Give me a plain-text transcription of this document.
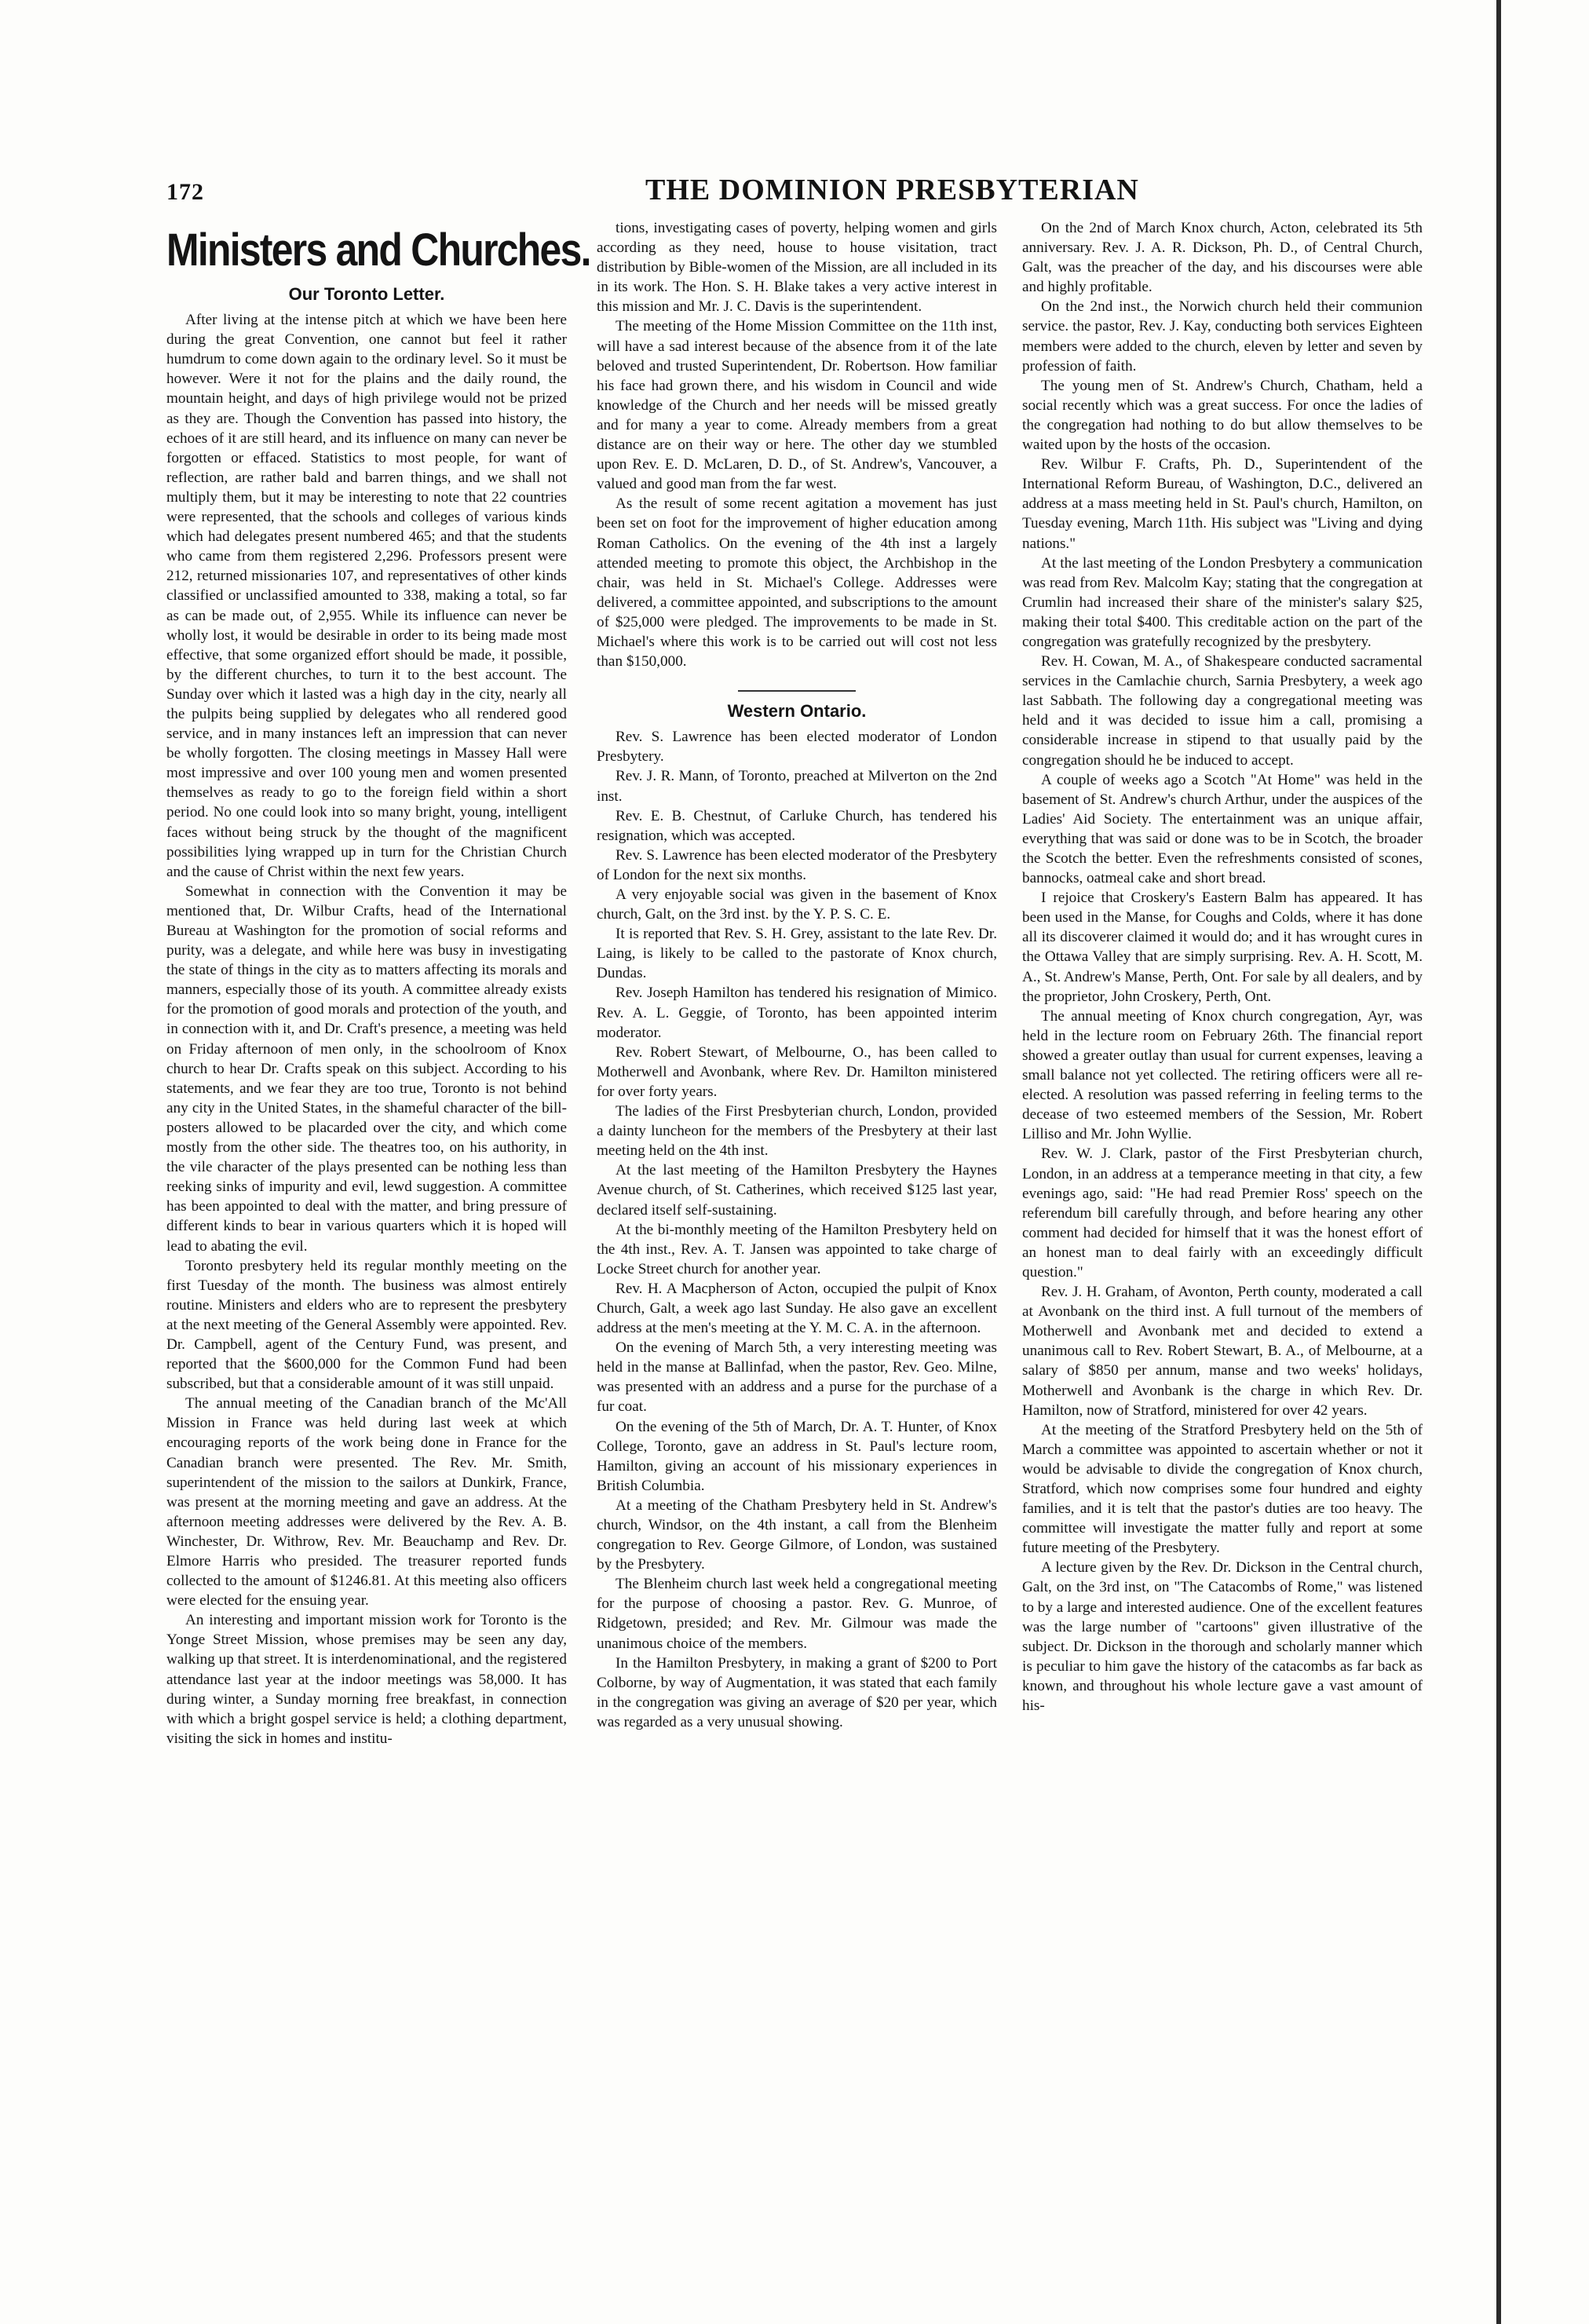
172	THE DOMINION PRESBYTERIAN
Ministers and Churches.
Our Toronto Letter.

After living at the intense pitch at which we have been here during the great Convention, one cannot but feel it rather humdrum to come down again to the ordinary level. So it must be however. Were it not for the plains and the daily round, the mountain height, and days of high privilege would not be prized as they are. Though the Convention has passed into history, the echoes of it are still heard, and its influence on many can never be forgotten or effaced. Statistics to most people, for want of reflection, are rather bald and barren things, and we shall not multiply them, but it may be interesting to note that 22 countries were represented, that the schools and colleges of various kinds which had delegates present numbered 465; and that the students who came from them registered 2,296. Professors present were 212, returned missionaries 107, and representatives of other kinds classified or unclassified amounted to 338, making a total, so far as can be made out, of 2,955. While its influence can never be wholly lost, it would be desirable in order to its being made most effective, that some organized effort should be made, it possible, by the different churches, to turn it to the best account. The Sunday over which it lasted was a high day in the city, nearly all the pulpits being supplied by delegates who all rendered good service, and in many instances left an impression that can never be wholly forgotten. The closing meetings in Massey Hall were most impressive and over 100 young men and women presented themselves as ready to go to the foreign field within a short period. No one could look into so many bright, young, intelligent faces without being struck by the thought of the magnificent possibilities lying wrapped up in turn for the Christian Church and the cause of Christ within the next few years.

Somewhat in connection with the Convention it may be mentioned that, Dr. Wilbur Crafts, head of the International Bureau at Washington for the promotion of social reforms and purity, was a delegate, and while here was busy in investigating the state of things in the city as to matters affecting its morals and manners, especially those of its youth. A committee already exists for the promotion of good morals and protection of the youth, and in connection with it, and Dr. Craft's presence, a meeting was held on Friday afternoon of men only, in the schoolroom of Knox church to hear Dr. Crafts speak on this subject. According to his statements, and we fear they are too true, Toronto is not behind any city in the United States, in the shameful character of the bill-posters allowed to be placarded over the city, and which come mostly from the other side. The theatres too, on his authority, in the vile character of the plays presented can be nothing less than reeking sinks of impurity and evil, lewd suggestion. A committee has been appointed to deal with the matter, and bring pressure of different kinds to bear in various quarters which it is hoped will lead to abating the evil.

Toronto presbytery held its regular monthly meeting on the first Tuesday of the month. The business was almost entirely routine. Ministers and elders who are to represent the presbytery at the next meeting of the General Assembly were appointed. Rev. Dr. Campbell, agent of the Century Fund, was present, and reported that the $600,000 for the Common Fund had been subscribed, but that a considerable amount of it was still unpaid.

The annual meeting of the Canadian branch of the Mc'All Mission in France was held during last week at which encouraging reports of the work being done in France for the Canadian branch were presented. The Rev. Mr. Smith, superintendent of the mission to the sailors at Dunkirk, France, was present at the morning meeting and gave an address. At the afternoon meeting addresses were delivered by the Rev. A. B. Winchester, Dr. Withrow, Rev. Mr. Beauchamp and Rev. Dr. Elmore Harris who presided. The treasurer reported funds collected to the amount of $1246.81. At this meeting also officers were elected for the ensuing year.

An interesting and important mission work for Toronto is the Yonge Street Mission, whose premises may be seen any day, walking up that street. It is interdenominational, and the registered attendance last year at the indoor meetings was 58,000. It has during winter, a Sunday morning free breakfast, in connection with which a bright gospel service is held; a clothing department, visiting the sick in homes and institu-

tions, investigating cases of poverty, helping women and girls according as they need, house to house visitation, tract distribution by Bible-women of the Mission, are all included in its in its work. The Hon. S. H. Blake takes a very active interest in this mission and Mr. J. C. Davis is the superintendent.

The meeting of the Home Mission Committee on the 11th inst, will have a sad interest because of the absence from it of the late beloved and trusted Superintendent, Dr. Robertson. How familiar his face had grown there, and his wisdom in Council and wide knowledge of the Church and her needs will be missed greatly and for many a year to come. Already members from a great distance are on their way or here. The other day we stumbled upon Rev. E. D. McLaren, D. D., of St. Andrew's, Vancouver, a valued and good man from the far west.

As the result of some recent agitation a movement has just been set on foot for the improvement of higher education among Roman Catholics. On the evening of the 4th inst a largely attended meeting to promote this object, the Archbishop in the chair, was held in St. Michael's College. Addresses were delivered, a committee appointed, and subscriptions to the amount of $25,000 were pledged. The improvements to be made in St. Michael's where this work is to be carried out will cost not less than $150,000.

Western Ontario.

Rev. S. Lawrence has been elected moderator of London Presbytery.

Rev. J. R. Mann, of Toronto, preached at Milverton on the 2nd inst.

Rev. E. B. Chestnut, of Carluke Church, has tendered his resignation, which was accepted.

Rev. S. Lawrence has been elected moderator of the Presbytery of London for the next six months.

A very enjoyable social was given in the basement of Knox church, Galt, on the 3rd inst. by the Y. P. S. C. E.

It is reported that Rev. S. H. Grey, assistant to the late Rev. Dr. Laing, is likely to be called to the pastorate of Knox church, Dundas.

Rev. Joseph Hamilton has tendered his resignation of Mimico. Rev. A. L. Geggie, of Toronto, has been appointed interim moderator.

Rev. Robert Stewart, of Melbourne, O., has been called to Motherwell and Avonbank, where Rev. Dr. Hamilton ministered for over forty years.

The ladies of the First Presbyterian church, London, provided a dainty luncheon for the members of the Presbytery at their last meeting held on the 4th inst.

At the last meeting of the Hamilton Presbytery the Haynes Avenue church, of St. Catherines, which received $125 last year, declared itself self-sustaining.

At the bi-monthly meeting of the Hamilton Presbytery held on the 4th inst., Rev. A. T. Jansen was appointed to take charge of Locke Street church for another year.

Rev. H. A Macpherson of Acton, occupied the pulpit of Knox Church, Galt, a week ago last Sunday. He also gave an excellent address at the men's meeting at the Y. M. C. A. in the afternoon.

On the evening of March 5th, a very interesting meeting was held in the manse at Ballinfad, when the pastor, Rev. Geo. Milne, was presented with an address and a purse for the purchase of a fur coat.

On the evening of the 5th of March, Dr. A. T. Hunter, of Knox College, Toronto, gave an address in St. Paul's lecture room, Hamilton, giving an account of his missionary experiences in British Columbia.

At a meeting of the Chatham Presbytery held in St. Andrew's church, Windsor, on the 4th instant, a call from the Blenheim congregation to Rev. George Gilmore, of London, was sustained by the Presbytery.

The Blenheim church last week held a congregational meeting for the purpose of choosing a pastor. Rev. G. Munroe, of Ridgetown, presided; and Rev. Mr. Gilmour was made the unanimous choice of the members.

In the Hamilton Presbytery, in making a grant of $200 to Port Colborne, by way of Augmentation, it was stated that each family in the congregation was giving an average of $20 per year, which was regarded as a very unusual showing.

On the 2nd of March Knox church, Acton, celebrated its 5th anniversary. Rev. J. A. R. Dickson, Ph. D., of Central Church, Galt, was the preacher of the day, and his discourses were able and highly profitable.

On the 2nd inst., the Norwich church held their communion service. the pastor, Rev. J. Kay, conducting both services Eighteen members were added to the church, eleven by letter and seven by profession of faith.

The young men of St. Andrew's Church, Chatham, held a social recently which was a great success. For once the ladies of the congregation had nothing to do but allow themselves to be waited upon by the hosts of the occasion.

Rev. Wilbur F. Crafts, Ph. D., Superintendent of the International Reform Bureau, of Washington, D.C., delivered an address at a mass meeting held in St. Paul's church, Hamilton, on Tuesday evening, March 11th. His subject was "Living and dying nations."

At the last meeting of the London Presbytery a communication was read from Rev. Malcolm Kay; stating that the congregation at Crumlin had increased their share of the minister's salary $25, making their total $400. This creditable action on the part of the congregation was gratefully recognized by the presbytery.

Rev. H. Cowan, M. A., of Shakespeare conducted sacramental services in the Camlachie church, Sarnia Presbytery, a week ago last Sabbath. The following day a congregational meeting was held and it was decided to issue him a call, promising a considerable increase in stipend to that usually paid by the congregation should he be induced to accept.

A couple of weeks ago a Scotch "At Home" was held in the basement of St. Andrew's church Arthur, under the auspices of the Ladies' Aid Society. The entertainment was an unique affair, everything that was said or done was to be in Scotch, the broader the Scotch the better. Even the refreshments consisted of scones, bannocks, oatmeal cake and short bread.

I rejoice that Croskery's Eastern Balm has appeared. It has been used in the Manse, for Coughs and Colds, where it has done all its discoverer claimed it would do; and it has wrought cures in the Ottawa Valley that are simply surprising. Rev. A. H. Scott, M. A., St. Andrew's Manse, Perth, Ont. For sale by all dealers, and by the proprietor, John Croskery, Perth, Ont.

The annual meeting of Knox church congregation, Ayr, was held in the lecture room on February 26th. The financial report showed a greater outlay than usual for current expenses, leaving a small balance not yet collected. The retiring officers were all re-elected. A resolution was passed referring in feeling terms to the decease of two esteemed members of the Session, Mr. Robert Lilliso and Mr. John Wyllie.

Rev. W. J. Clark, pastor of the First Presbyterian church, London, in an address at a temperance meeting in that city, a few evenings ago, said: "He had read Premier Ross' speech on the referendum bill carefully through, and before hearing any other comment had decided for himself that it was the honest effort of an honest man to deal fairly with an exceedingly difficult question."

Rev. J. H. Graham, of Avonton, Perth county, moderated a call at Avonbank on the third inst. A full turnout of the members of Motherwell and Avonbank met and decided to extend a unanimous call to Rev. Robert Stewart, B. A., of Melbourne, at a salary of $850 per annum, manse and two weeks' holidays, Motherwell and Avonbank is the charge in which Rev. Dr. Hamilton, now of Stratford, ministered for over 42 years.

At the meeting of the Stratford Presbytery held on the 5th of March a committee was appointed to ascertain whether or not it would be advisable to divide the congregation of Knox church, Stratford, which now comprises some four hundred and eighty families, and it is telt that the pastor's duties are too heavy. The committee will investigate the matter fully and report at some future meeting of the Presbytery.

A lecture given by the Rev. Dr. Dickson in the Central church, Galt, on the 3rd inst, on "The Catacombs of Rome," was listened to by a large and interested audience. One of the excellent features was the large number of "cartoons" given illustrative of the subject. Dr. Dickson in the thorough and scholarly manner which is peculiar to him gave the history of the catacombs as far back as known, and throughout his whole lecture gave a vast amount of his-
